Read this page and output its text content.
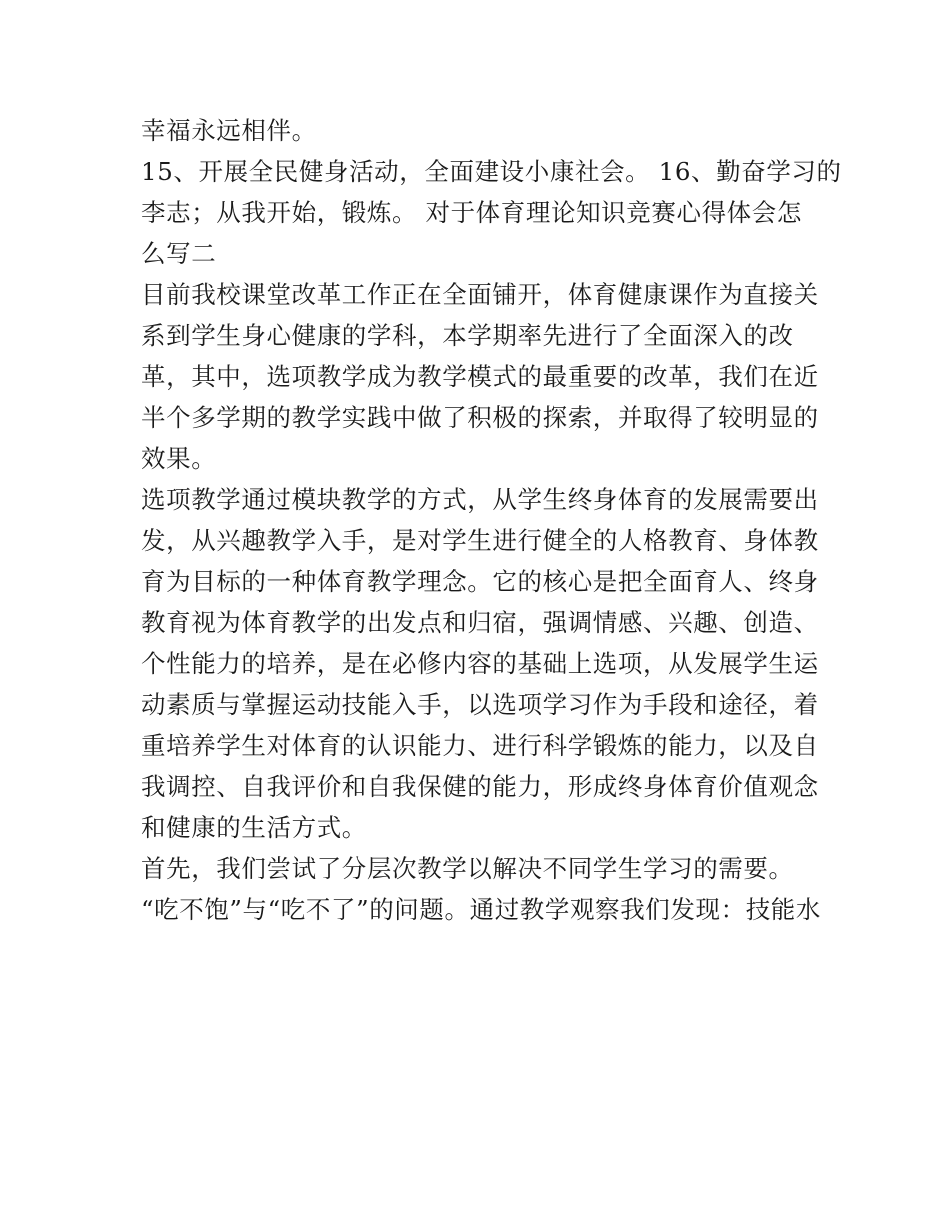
幸福永远相伴。
15、开展全民健身活动，全面建设小康社会。 16、勤奋学习的
李志；从我开始，锻炼。 对于体育理论知识竞赛心得体会怎
么写二
目前我校课堂改革工作正在全面铺开，体育健康课作为直接关
系到学生身心健康的学科，本学期率先进行了全面深入的改
革，其中，选项教学成为教学模式的最重要的改革，我们在近
半个多学期的教学实践中做了积极的探索，并取得了较明显的
效果。
选项教学通过模块教学的方式，从学生终身体育的发展需要出
发，从兴趣教学入手，是对学生进行健全的人格教育、身体教
育为目标的一种体育教学理念。它的核心是把全面育人、终身
教育视为体育教学的出发点和归宿，强调情感、兴趣、创造、
个性能力的培养，是在必修内容的基础上选项，从发展学生运
动素质与掌握运动技能入手，以选项学习作为手段和途径，着
重培养学生对体育的认识能力、进行科学锻炼的能力，以及自
我调控、自我评价和自我保健的能力，形成终身体育价值观念
和健康的生活方式。
首先，我们尝试了分层次教学以解决不同学生学习的需要。
“吃不饱”与“吃不了”的问题。通过教学观察我们发现：技能水
